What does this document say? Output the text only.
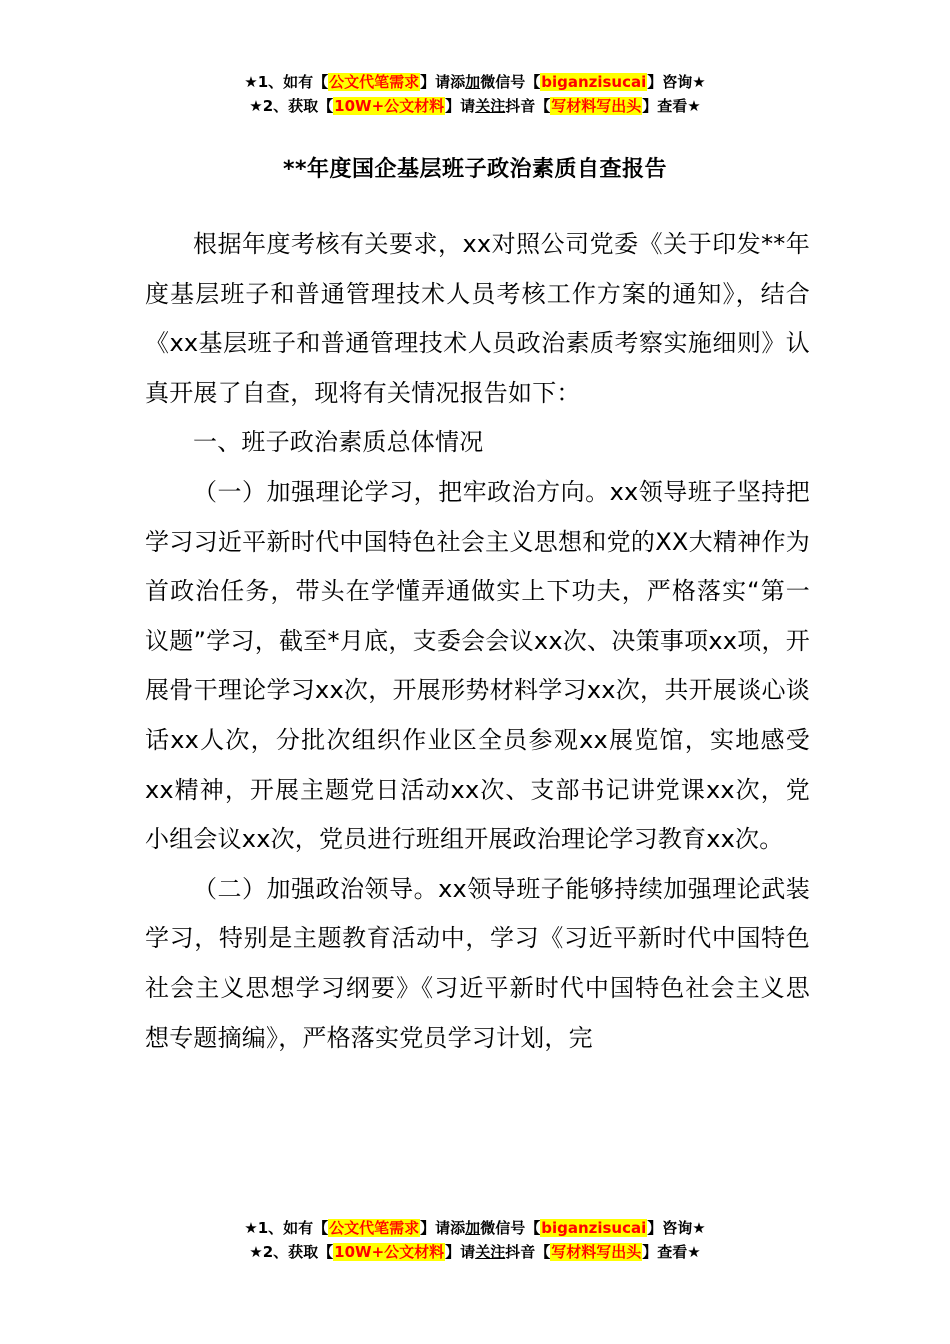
★1、如有【公文代笔需求】请添加微信号【biganzisucai】咨询★
★2、获取【10W+公文材料】请关注抖音【写材料写出头】查看★
**年度国企基层班子政治素质自查报告

根据年度考核有关要求，xx对照公司党委《关于印发**年度基层班子和普通管理技术人员考核工作方案的通知》，结合《xx基层班子和普通管理技术人员政治素质考察实施细则》认真开展了自查，现将有关情况报告如下：

一、班子政治素质总体情况

（一）加强理论学习，把牢政治方向。xx领导班子坚持把学习习近平新时代中国特色社会主义思想和党的XX大精神作为首政治任务，带头在学懂弄通做实上下功夫，严格落实“第一议题”学习，截至*月底，支委会会议xx次、决策事项xx项，开展骨干理论学习xx次，开展形势材料学习xx次，共开展谈心谈话xx人次，分批次组织作业区全员参观xx展览馆，实地感受xx精神，开展主题党日活动xx次、支部书记讲党课xx次，党小组会议xx次，党员进行班组开展政治理论学习教育xx次。

（二）加强政治领导。xx领导班子能够持续加强理论武装学习，特别是主题教育活动中，学习《习近平新时代中国特色社会主义思想学习纲要》《习近平新时代中国特色社会主义思想专题摘编》，严格落实党员学习计划，完

★1、如有【公文代笔需求】请添加微信号【biganzisucai】咨询★
★2、获取【10W+公文材料】请关注抖音【写材料写出头】查看★
